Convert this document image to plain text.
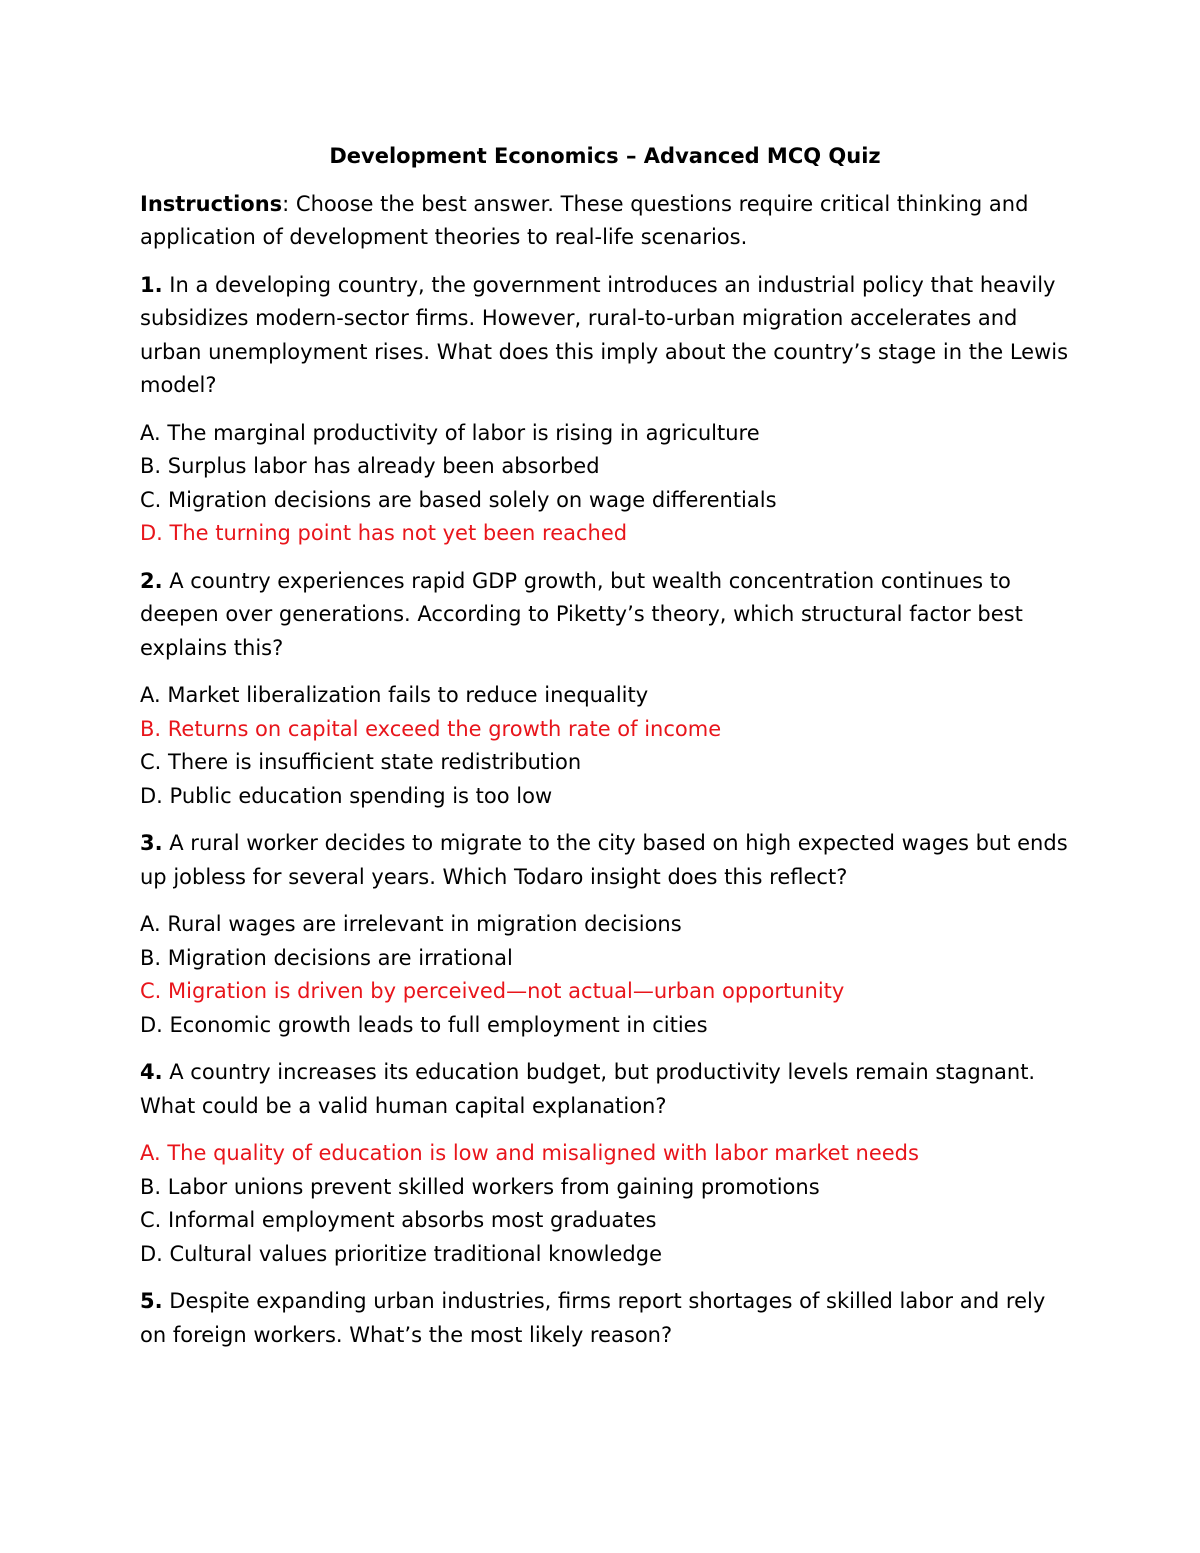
Development Economics – Advanced MCQ Quiz

Instructions: Choose the best answer. These questions require critical thinking and application of development theories to real-life scenarios.

1. In a developing country, the government introduces an industrial policy that heavily subsidizes modern-sector firms. However, rural-to-urban migration accelerates and urban unemployment rises. What does this imply about the country’s stage in the Lewis model?

A. The marginal productivity of labor is rising in agriculture

B. Surplus labor has already been absorbed

C. Migration decisions are based solely on wage differentials

D. The turning point has not yet been reached

2. A country experiences rapid GDP growth, but wealth concentration continues to deepen over generations. According to Piketty’s theory, which structural factor best explains this?

A. Market liberalization fails to reduce inequality

B. Returns on capital exceed the growth rate of income

C. There is insufficient state redistribution

D. Public education spending is too low

3. A rural worker decides to migrate to the city based on high expected wages but ends up jobless for several years. Which Todaro insight does this reflect?

A. Rural wages are irrelevant in migration decisions

B. Migration decisions are irrational

C. Migration is driven by perceived—not actual—urban opportunity

D. Economic growth leads to full employment in cities

4. A country increases its education budget, but productivity levels remain stagnant. What could be a valid human capital explanation?

A. The quality of education is low and misaligned with labor market needs

B. Labor unions prevent skilled workers from gaining promotions

C. Informal employment absorbs most graduates

D. Cultural values prioritize traditional knowledge

5. Despite expanding urban industries, firms report shortages of skilled labor and rely on foreign workers. What’s the most likely reason?
